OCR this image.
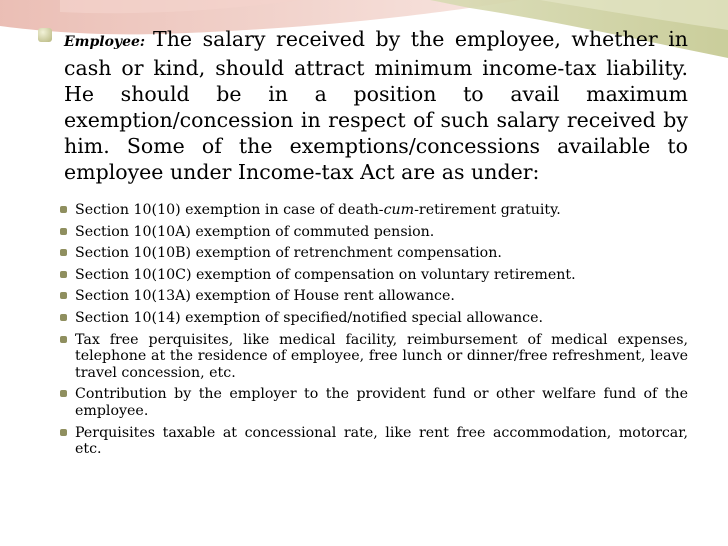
Employee: The salary received by the employee, whether in cash or kind, should attract minimum income-tax liability. He should be in a position to avail maximum exemption/concession in respect of such salary received by him. Some of the exemptions/concessions available to employee under Income-tax Act are as under:
Section 10(10) exemption in case of death-cum-retirement gratuity.
Section 10(10A) exemption of commuted pension.
Section 10(10B) exemption of retrenchment compensation.
Section 10(10C) exemption of compensation on voluntary retirement.
Section 10(13A) exemption of House rent allowance.
Section 10(14) exemption of specified/notified special allowance.
Tax free perquisites, like medical facility, reimbursement of medical expenses, telephone at the residence of employee, free lunch or dinner/free refreshment, leave travel concession, etc.
Contribution by the employer to the provident fund or other welfare fund of the employee.
Perquisites taxable at concessional rate, like rent free accommodation, motorcar, etc.
